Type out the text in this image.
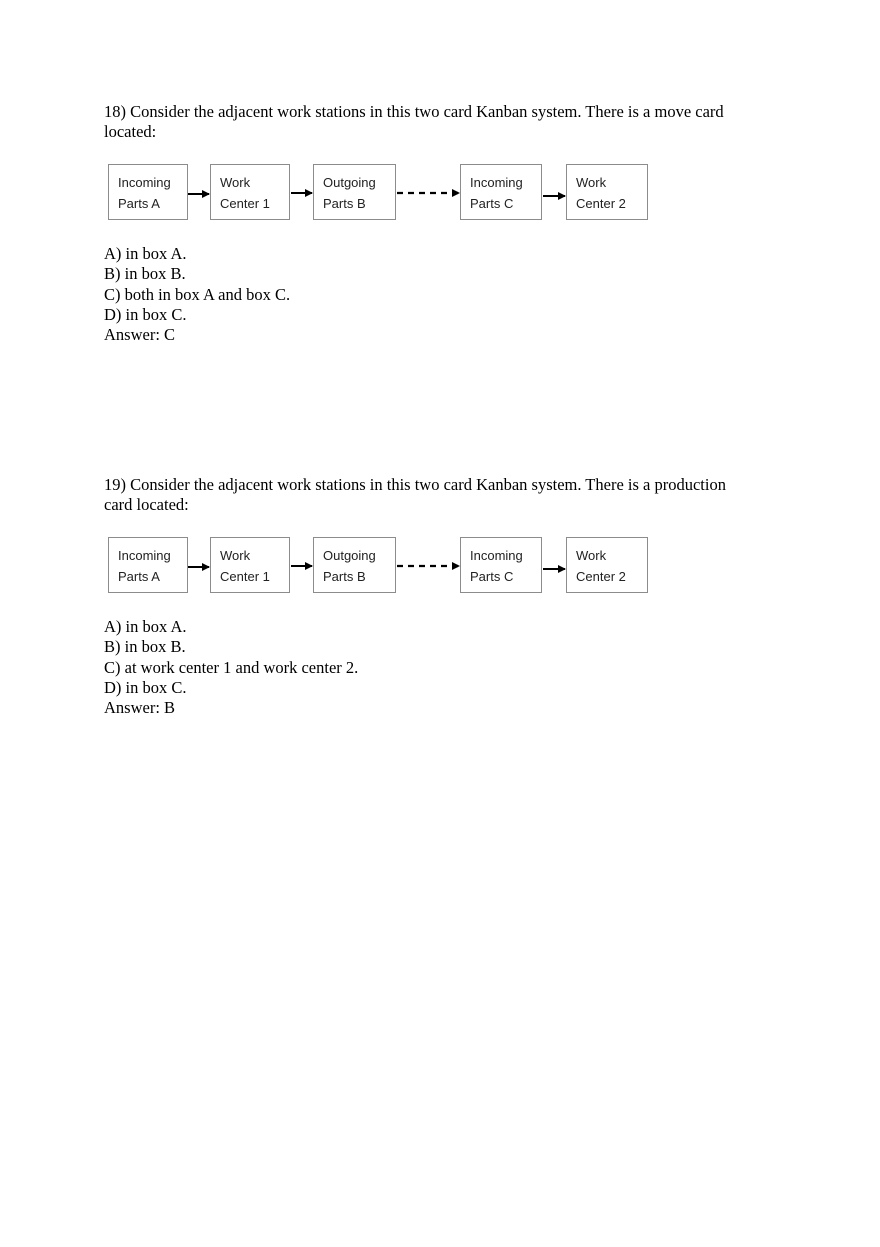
18) Consider the adjacent work stations in this two card Kanban system. There is a move card
located:

Incoming
Parts A
Work
Center 1
Outgoing
Parts B
Incoming
Parts C
Work
Center 2
A) in box A.
B) in box B.
C) both in box A and box C.
D) in box C.
Answer: C

19) Consider the adjacent work stations in this two card Kanban system. There is a production
card located:

Incoming
Parts A
Work
Center 1
Outgoing
Parts B
Incoming
Parts C
Work
Center 2
A) in box A.
B) in box B.
C) at work center 1 and work center 2.
D) in box C.
Answer: B
